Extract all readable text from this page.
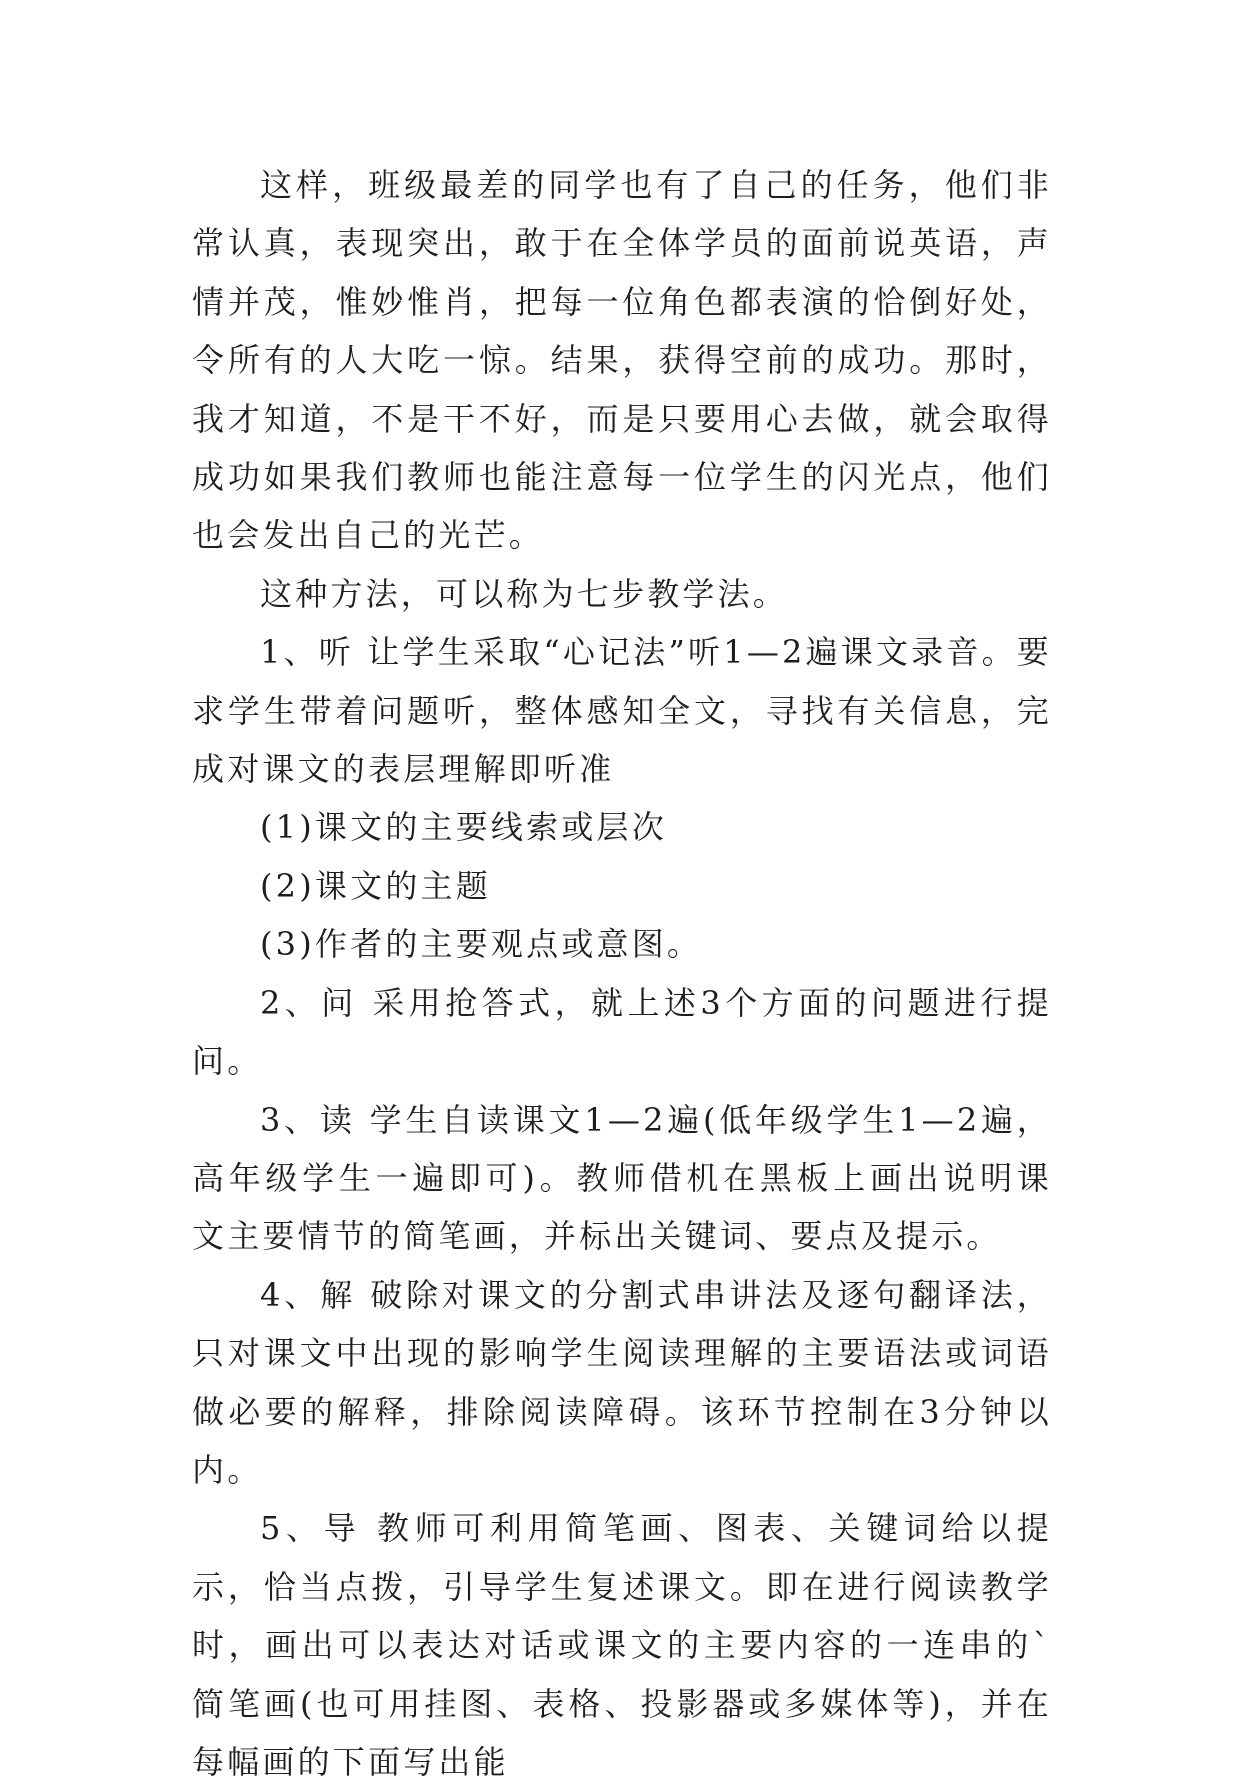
这样，班级最差的同学也有了自己的任务，他们非常认真，表现突出，敢于在全体学员的面前说英语，声情并茂，惟妙惟肖，把每一位角色都表演的恰倒好处，令所有的人大吃一惊。结果，获得空前的成功。那时，我才知道，不是干不好，而是只要用心去做，就会取得成功如果我们教师也能注意每一位学生的闪光点，他们也会发出自己的光芒。

这种方法，可以称为七步教学法。

1、听 让学生采取“心记法”听1—2遍课文录音。要求学生带着问题听，整体感知全文，寻找有关信息，完成对课文的表层理解即听准

(1)课文的主要线索或层次

(2)课文的主题

(3)作者的主要观点或意图。

2、问 采用抢答式，就上述3个方面的问题进行提问。

3、读 学生自读课文1—2遍(低年级学生1—2遍，高年级学生一遍即可)。教师借机在黑板上画出说明课文主要情节的简笔画，并标出关键词、要点及提示。

4、解 破除对课文的分割式串讲法及逐句翻译法，只对课文中出现的影响学生阅读理解的主要语法或词语做必要的解释，排除阅读障碍。该环节控制在3分钟以内。

5、导 教师可利用简笔画、图表、关键词给以提示，恰当点拨，引导学生复述课文。即在进行阅读教学时，画出可以表达对话或课文的主要内容的一连串的`简笔画(也可用挂图、表格、投影器或多媒体等)，并在每幅画的下面写出能
